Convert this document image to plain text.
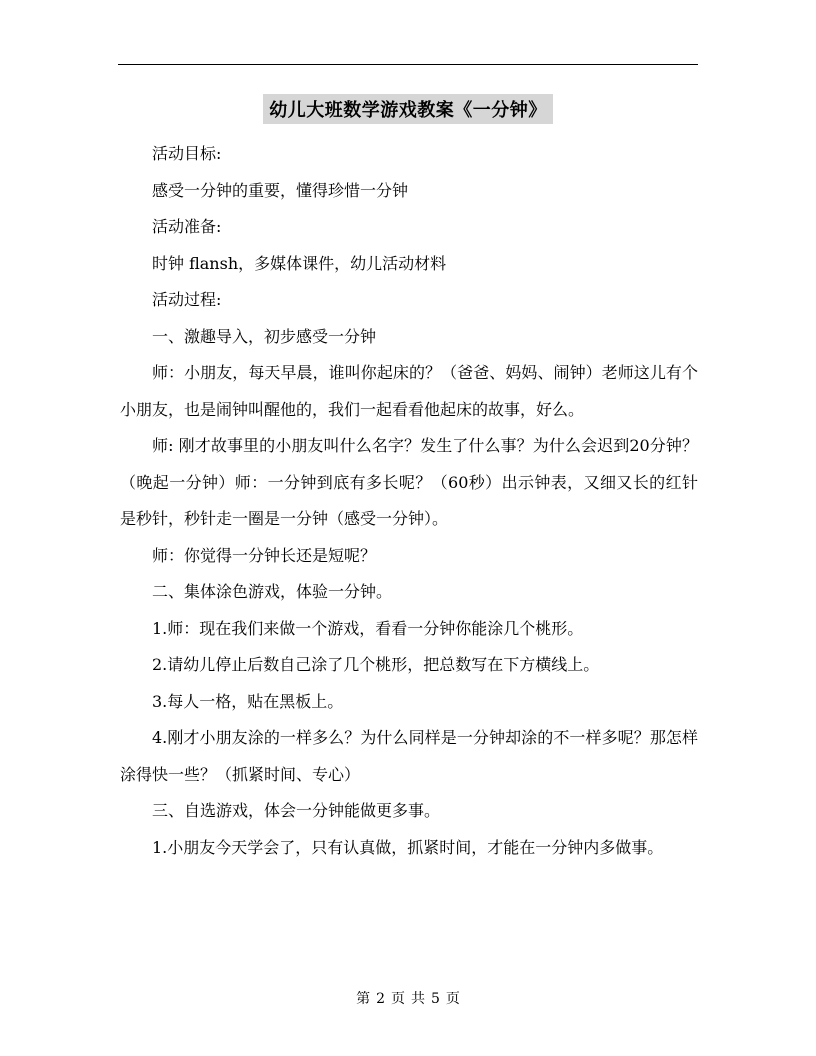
幼儿大班数学游戏教案《一分钟》

活动目标:

感受一分钟的重要，懂得珍惜一分钟

活动准备:

时钟 flansh，多媒体课件，幼儿活动材料

活动过程:

一、激趣导入，初步感受一分钟

师：小朋友，每天早晨，谁叫你起床的？（爸爸、妈妈、闹钟）老师这儿有个小朋友，也是闹钟叫醒他的，我们一起看看他起床的故事，好么。

师: 刚才故事里的小朋友叫什么名字？发生了什么事？为什么会迟到20分钟？（晚起一分钟）师：一分钟到底有多长呢？（60秒）出示钟表，又细又长的红针是秒针，秒针走一圈是一分钟（感受一分钟）。

师：你觉得一分钟长还是短呢？

二、集体涂色游戏，体验一分钟。

1.师：现在我们来做一个游戏，看看一分钟你能涂几个桃形。

2.请幼儿停止后数自己涂了几个桃形，把总数写在下方横线上。

3.每人一格，贴在黑板上。

4.刚才小朋友涂的一样多么？为什么同样是一分钟却涂的不一样多呢？那怎样涂得快一些？（抓紧时间、专心）

三、自选游戏，体会一分钟能做更多事。

1.小朋友今天学会了，只有认真做，抓紧时间，才能在一分钟内多做事。

第 2 页 共 5 页
